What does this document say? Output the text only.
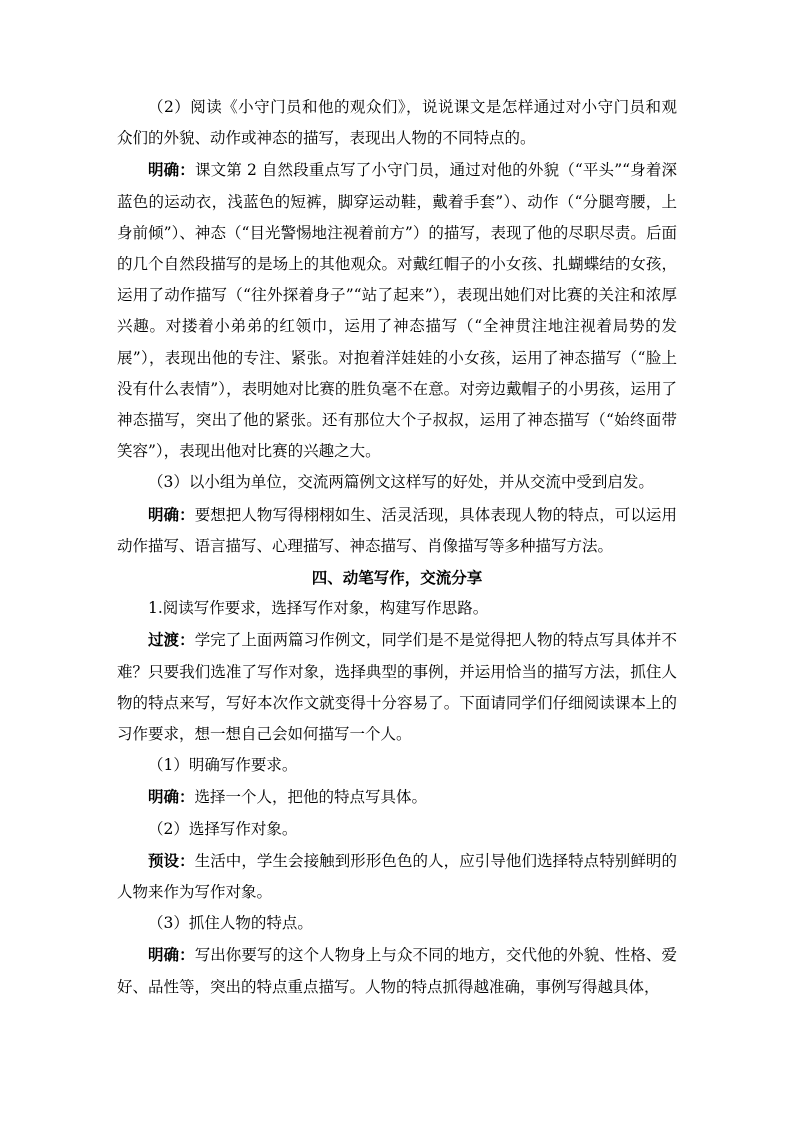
（2）阅读《小守门员和他的观众们》，说说课文是怎样通过对小守门员和观众们的外貌、动作或神态的描写，表现出人物的不同特点的。

明确：课文第 2 自然段重点写了小守门员，通过对他的外貌（“平头”“身着深蓝色的运动衣，浅蓝色的短裤，脚穿运动鞋，戴着手套”）、动作（“分腿弯腰，上身前倾”）、神态（“目光警惕地注视着前方”）的描写，表现了他的尽职尽责。后面的几个自然段描写的是场上的其他观众。对戴红帽子的小女孩、扎蝴蝶结的女孩，运用了动作描写（“往外探着身子”“站了起来”），表现出她们对比赛的关注和浓厚兴趣。对搂着小弟弟的红领巾，运用了神态描写（“全神贯注地注视着局势的发展”），表现出他的专注、紧张。对抱着洋娃娃的小女孩，运用了神态描写（“脸上没有什么表情”），表明她对比赛的胜负毫不在意。对旁边戴帽子的小男孩，运用了神态描写，突出了他的紧张。还有那位大个子叔叔，运用了神态描写（“始终面带笑容”），表现出他对比赛的兴趣之大。

（3）以小组为单位，交流两篇例文这样写的好处，并从交流中受到启发。

明确：要想把人物写得栩栩如生、活灵活现，具体表现人物的特点，可以运用动作描写、语言描写、心理描写、神态描写、肖像描写等多种描写方法。

四、动笔写作，交流分享

1.阅读写作要求，选择写作对象，构建写作思路。

过渡：学完了上面两篇习作例文，同学们是不是觉得把人物的特点写具体并不难？只要我们选准了写作对象，选择典型的事例，并运用恰当的描写方法，抓住人物的特点来写，写好本次作文就变得十分容易了。下面请同学们仔细阅读课本上的习作要求，想一想自己会如何描写一个人。

（1）明确写作要求。

明确：选择一个人，把他的特点写具体。

（2）选择写作对象。

预设：生活中，学生会接触到形形色色的人，应引导他们选择特点特别鲜明的人物来作为写作对象。

（3）抓住人物的特点。

明确：写出你要写的这个人物身上与众不同的地方，交代他的外貌、性格、爱好、品性等，突出的特点重点描写。人物的特点抓得越准确，事例写得越具体，
